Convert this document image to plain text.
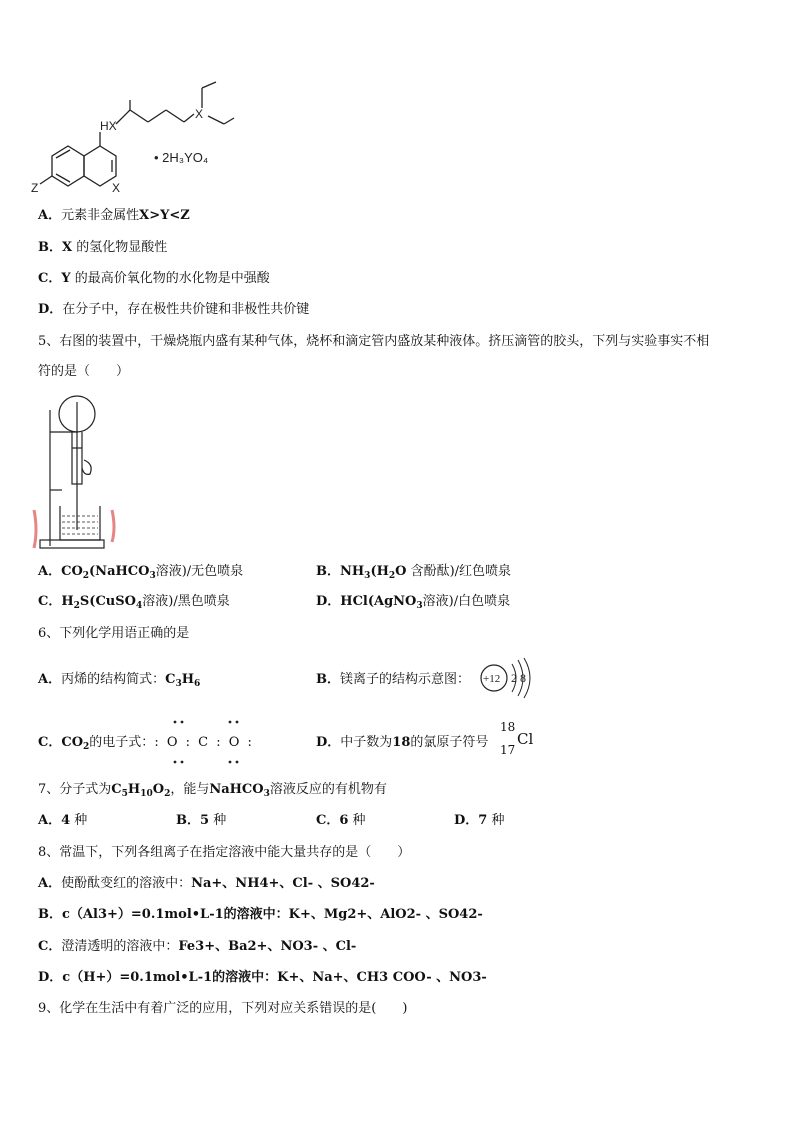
HX
X
Z	X
• 2H₃YO₄
A．元素非金属性X>Y<Z
B．X 的氢化物显酸性
C．Y 的最高价氧化物的水化物是中强酸
D．在分子中，存在极性共价键和非极性共价键
5、右图的装置中，干燥烧瓶内盛有某种气体，烧杯和滴定管内盛放某种液体。挤压滴管的胶头，下列与实验事实不相
符的是（　　）
A．$CO_2(NaHCO_3$溶液)/无色喷泉	B．$NH_3(H_2O$ 含酚酞)/红色喷泉
C．$H_2S(CuSO_4$溶液)/黑色喷泉	D．HCl(AgNO$_3$溶液)/白色喷泉
6、下列化学用语正确的是
A．丙烯的结构简式：$C_3H_6$	B．镁离子的结构示意图： +12 2 8
C．$CO_2$的电子式：: O : C : O :	D．中子数为18的氯原子符号
18
17
Cl
7、分子式为$C_5H_{10}O_2$，能与NaHCO$_3$溶液反应的有机物有
A．4 种	B．5 种	C．6 种	D．7 种
8、常温下，下列各组离子在指定溶液中能大量共存的是（　　）
A．使酚酞变红的溶液中：Na+、NH4+、Cl- 、SO42-
B．c（Al3+）=0.1mol•L-1的溶液中：K+、Mg2+、AlO2- 、SO42-
C．澄清透明的溶液中：Fe3+、Ba2+、NO3- 、Cl-
D．c（H+）=0.1mol•L-1的溶液中：K+、Na+、CH3 COO- 、NO3-
9、化学在生活中有着广泛的应用，下列对应关系错误的是(　　)
